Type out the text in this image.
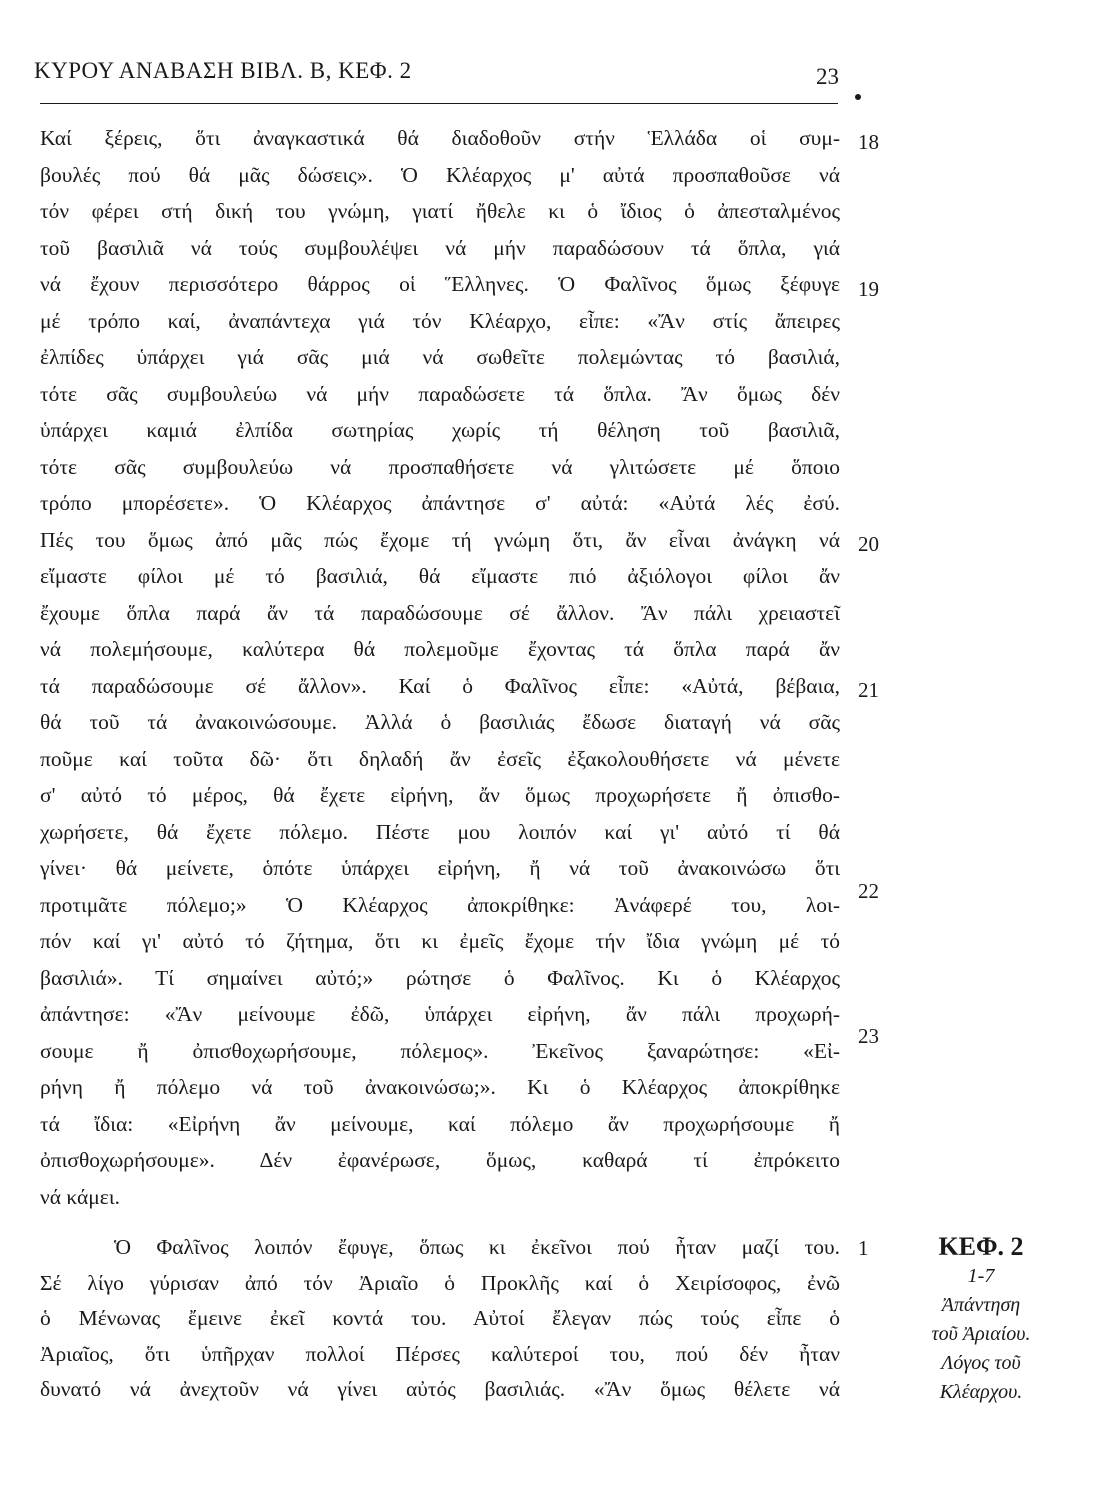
ΚΥΡΟΥ ΑΝΑΒΑΣΗ ΒΙΒΛ. Β, ΚΕΦ. 2	23
Καί ξέρεις, ὅτι ἀναγκαστικά θά διαδοθοῦν στήν Ἑλλάδα οἱ συμ-
βουλές πού θά μᾶς δώσεις». Ὁ Κλέαρχος μ' αὐτά προσπαθοῦσε νά
τόν φέρει στή δική του γνώμη, γιατί ἤθελε κι ὁ ἴδιος ὁ ἀπεσταλμένος
τοῦ βασιλιᾶ νά τούς συμβουλέψει νά μήν παραδώσουν τά ὅπλα, γιά
νά ἔχουν περισσότερο θάρρος οἱ Ἕλληνες. Ὁ Φαλῖνος ὅμως ξέφυγε
μέ τρόπο καί, ἀναπάντεχα γιά τόν Κλέαρχο, εἶπε: «Ἄν στίς ἄπειρες
ἐλπίδες ὑπάρχει γιά σᾶς μιά νά σωθεῖτε πολεμώντας τό βασιλιά,
τότε σᾶς συμβουλεύω νά μήν παραδώσετε τά ὅπλα. Ἄν ὅμως δέν
ὑπάρχει καμιά ἐλπίδα σωτηρίας χωρίς τή θέληση τοῦ βασιλιᾶ,
τότε σᾶς συμβουλεύω νά προσπαθήσετε νά γλιτώσετε μέ ὅποιο
τρόπο μπορέσετε». Ὁ Κλέαρχος ἀπάντησε σ' αὐτά: «Αὐτά λές ἐσύ.
Πές του ὅμως ἀπό μᾶς πώς ἔχομε τή γνώμη ὅτι, ἄν εἶναι ἀνάγκη νά
εἴμαστε φίλοι μέ τό βασιλιά, θά εἴμαστε πιό ἀξιόλογοι φίλοι ἄν
ἔχουμε ὅπλα παρά ἄν τά παραδώσουμε σέ ἄλλον. Ἄν πάλι χρειαστεῖ
νά πολεμήσουμε, καλύτερα θά πολεμοῦμε ἔχοντας τά ὅπλα παρά ἄν
τά παραδώσουμε σέ ἄλλον». Καί ὁ Φαλῖνος εἶπε: «Αὐτά, βέβαια,
θά τοῦ τά ἀνακοινώσουμε. Ἀλλά ὁ βασιλιάς ἔδωσε διαταγή νά σᾶς
ποῦμε καί τοῦτα δῶ· ὅτι δηλαδή ἄν ἐσεῖς ἐξακολουθήσετε νά μένετε
σ' αὐτό τό μέρος, θά ἔχετε εἰρήνη, ἄν ὅμως προχωρήσετε ἤ ὀπισθο-
χωρήσετε, θά ἔχετε πόλεμο. Πέστε μου λοιπόν καί γι' αὐτό τί θά
γίνει· θά μείνετε, ὁπότε ὑπάρχει εἰρήνη, ἤ νά τοῦ ἀνακοινώσω ὅτι
προτιμᾶτε πόλεμο;» Ὁ Κλέαρχος ἀποκρίθηκε: Ἀνάφερέ του, λοι-
πόν καί γι' αὐτό τό ζήτημα, ὅτι κι ἐμεῖς ἔχομε τήν ἴδια γνώμη μέ τό
βασιλιά». Τί σημαίνει αὐτό;» ρώτησε ὁ Φαλῖνος. Κι ὁ Κλέαρχος
ἀπάντησε: «Ἄν μείνουμε ἐδῶ, ὑπάρχει εἰρήνη, ἄν πάλι προχωρή-
σουμε ἤ ὀπισθοχωρήσουμε, πόλεμος». Ἐκεῖνος ξαναρώτησε: «Εἰ-
ρήνη ἤ πόλεμο νά τοῦ ἀνακοινώσω;». Κι ὁ Κλέαρχος ἀποκρίθηκε
τά ἴδια: «Εἰρήνη ἄν μείνουμε, καί πόλεμο ἄν προχωρήσουμε ἤ
ὀπισθοχωρήσουμε». Δέν ἐφανέρωσε, ὅμως, καθαρά τί ἐπρόκειτο
νά κάμει.
18
19
20
21
22
23
Ὁ Φαλῖνος λοιπόν ἔφυγε, ὅπως κι ἐκεῖνοι πού ἦταν μαζί του.
Σέ λίγο γύρισαν ἀπό τόν Ἀριαῖο ὁ Προκλῆς καί ὁ Χειρίσοφος, ἐνῶ
ὁ Μένωνας ἔμεινε ἐκεῖ κοντά του. Αὐτοί ἔλεγαν πώς τούς εἶπε ὁ
Ἀριαῖος, ὅτι ὑπῆρχαν πολλοί Πέρσες καλύτεροί του, πού δέν ἦταν
δυνατό νά ἀνεχτοῦν νά γίνει αὐτός βασιλιάς. «Ἄν ὅμως θέλετε νά
1	ΚΕΦ. 2
1-7
Ἀπάντηση
τοῦ Ἀριαίου.
Λόγος τοῦ
Κλέαρχου.
